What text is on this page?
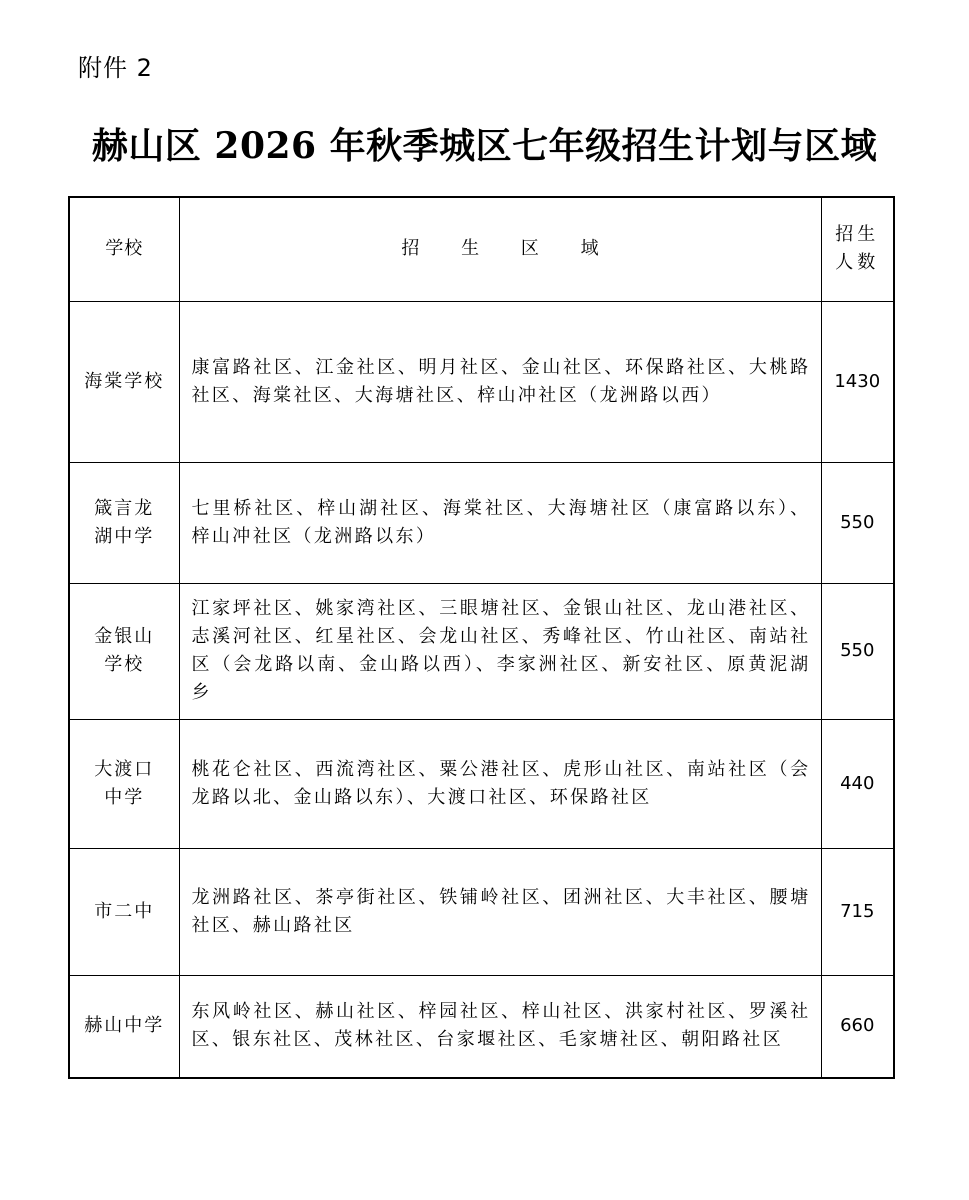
附件 2
赫山区 2026 年秋季城区七年级招生计划与区域
学校	招 生 区 域	招生人数
海棠学校	康富路社区、江金社区、明月社区、金山社区、环保路社区、大桃路社区、海棠社区、大海塘社区、梓山冲社区（龙洲路以西）	1430
箴言龙湖中学	七里桥社区、梓山湖社区、海棠社区、大海塘社区（康富路以东）、梓山冲社区（龙洲路以东）	550
金银山学校	江家坪社区、姚家湾社区、三眼塘社区、金银山社区、龙山港社区、志溪河社区、红星社区、会龙山社区、秀峰社区、竹山社区、南站社区（会龙路以南、金山路以西）、李家洲社区、新安社区、原黄泥湖乡	550
大渡口中学	桃花仑社区、西流湾社区、粟公港社区、虎形山社区、南站社区（会龙路以北、金山路以东）、大渡口社区、环保路社区	440
市二中	龙洲路社区、茶亭街社区、铁铺岭社区、团洲社区、大丰社区、腰塘社区、赫山路社区	715
赫山中学	东风岭社区、赫山社区、梓园社区、梓山社区、洪家村社区、罗溪社区、银东社区、茂林社区、台家堰社区、毛家塘社区、朝阳路社区	660
